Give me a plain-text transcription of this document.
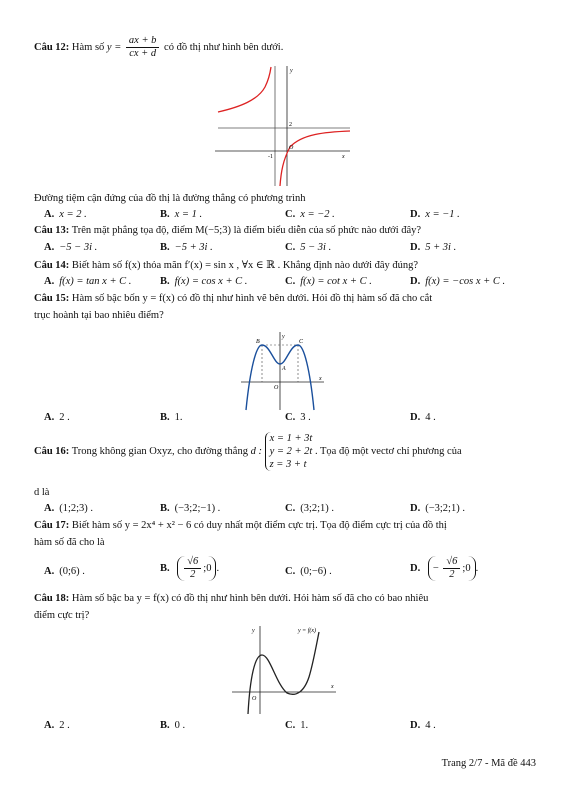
Câu 12: Hàm số $y = \frac{ax + b}{cx + d}$ có đồ thị như hình bên dưới.
y
x
2
-1
O
Đường tiệm cận đứng của đồ thị là đường thẳng có phương trình
A. x = 2 .	B. x = 1 .	C. x = −2 .	D. x = −1 .
Câu 13: Trên mặt phẳng tọa độ, điểm M(−5;3) là điểm biểu diễn của số phức nào dưới đây?
A. −5 − 3i .	B. −5 + 3i .	C. 5 − 3i .	D. 5 + 3i .
Câu 14: Biết hàm số f(x) thỏa mãn f′(x) = sin x , ∀x ∈ ℝ . Khẳng định nào dưới đây đúng?
A. f(x) = tan x + C .	B. f(x) = cos x + C .	C. f(x) = cot x + C .	D. f(x) = −cos x + C .
Câu 15: Hàm số bậc bốn y = f(x) có đồ thị như hình vẽ bên dưới. Hỏi đồ thị hàm số đã cho cắt
trục hoành tại bao nhiêu điểm?
y
x
B	C
A
O
A. 2 .	B. 1.	C. 3 .	D. 4 .
Câu 16: Trong không gian Oxyz, cho đường thẳng d :
x = 1 + 3t
y = 2 + 2t
z = 3 + t
. Tọa độ một vectơ chỉ phương của
d là
A. (1;2;3) .	B. (−3;2;−1) .	C. (3;2;1) .	D. (−3;2;1) .
Câu 17: Biết hàm số y = 2x⁴ + x² − 6 có duy nhất một điểm cực trị. Tọa độ điểm cực trị của đồ thị
hàm số đã cho là
A. (0;6) .	B. $\frac{√6}{2}$ ;0 .	C. (0;−6) .	D. − $\frac{√6}{2}$ ;0 .
Câu 18: Hàm số bậc ba y = f(x) có đồ thị như hình bên dưới. Hỏi hàm số đã cho có bao nhiêu
điểm cực trị?
y
x
y = f(x)
O
A. 2 .	B. 0 .	C. 1.	D. 4 .
Trang 2/7 - Mã đề 443
